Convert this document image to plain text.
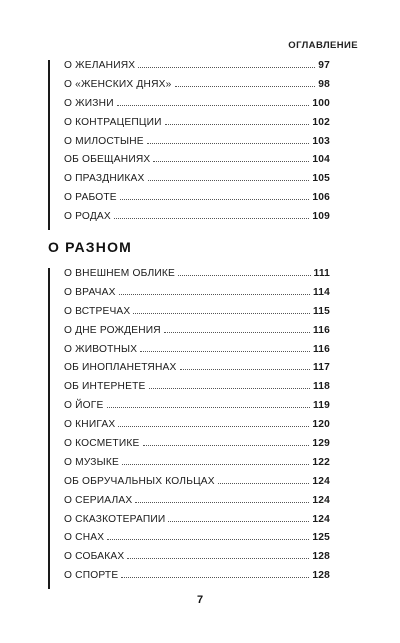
ОГЛАВЛЕНИЕ
О ЖЕЛАНИЯХ	97
О «ЖЕНСКИХ ДНЯХ»	98
О ЖИЗНИ	100
О КОНТРАЦЕПЦИИ	102
О МИЛОСТЫНЕ	103
ОБ ОБЕЩАНИЯХ	104
О ПРАЗДНИКАХ	105
О РАБОТЕ	106
О РОДАХ	109
О РАЗНОМ
О ВНЕШНЕМ ОБЛИКЕ	111
О ВРАЧАХ	114
О ВСТРЕЧАХ	115
О ДНЕ РОЖДЕНИЯ	116
О ЖИВОТНЫХ	116
ОБ ИНОПЛАНЕТЯНАХ	117
ОБ ИНТЕРНЕТЕ	118
О ЙОГЕ	119
О КНИГАХ	120
О КОСМЕТИКЕ	129
О МУЗЫКЕ	122
ОБ ОБРУЧАЛЬНЫХ КОЛЬЦАХ	124
О СЕРИАЛАХ	124
О СКАЗКОТЕРАПИИ	124
О СНАХ	125
О СОБАКАХ	128
О СПОРТЕ	128
7
